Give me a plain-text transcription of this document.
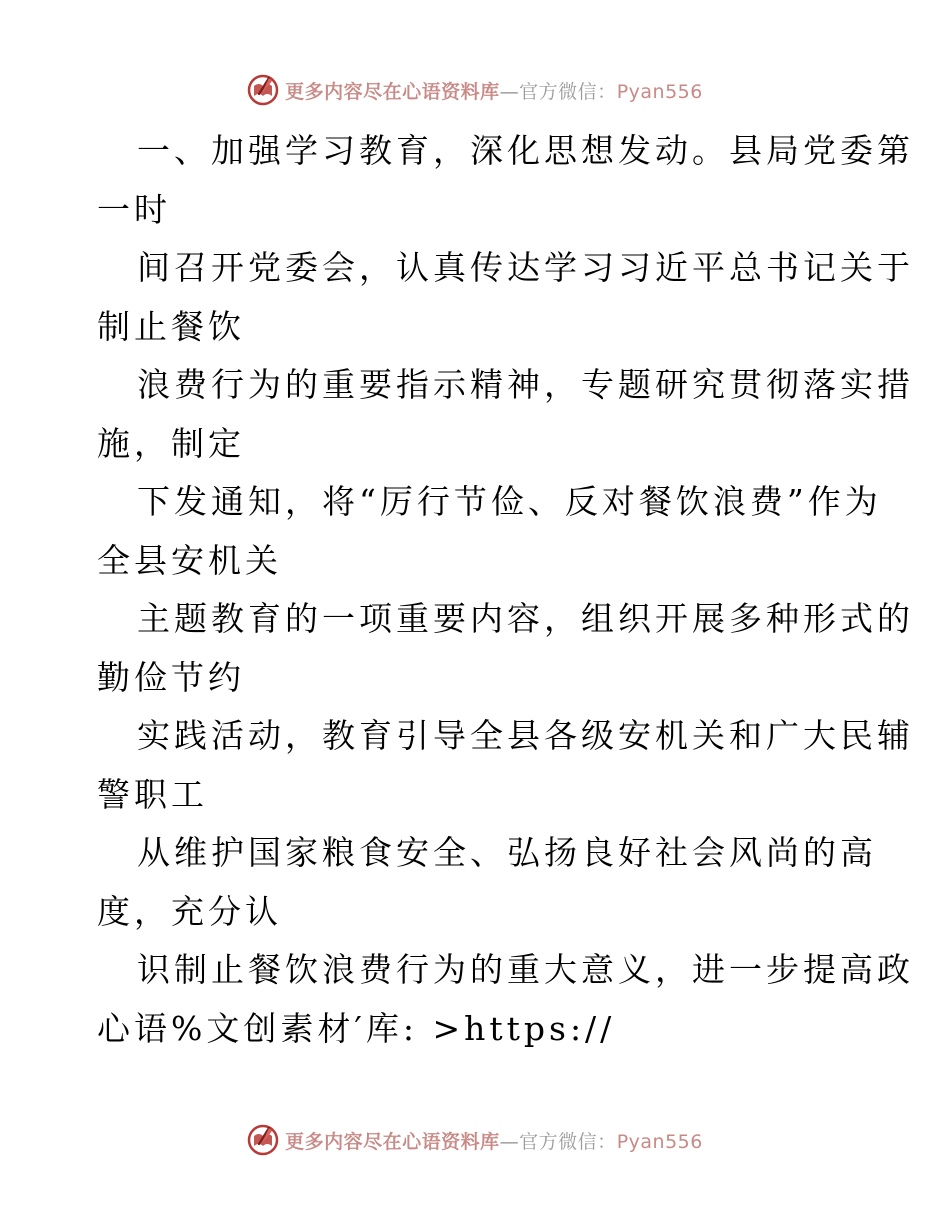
更多内容尽在心语资料库—官方微信：Pyan556
一、加强学习教育，深化思想发动。县局党委第
一时
间召开党委会，认真传达学习习近平总书记关于
制止餐饮
浪费行为的重要指示精神，专题研究贯彻落实措
施，制定
下发通知，将“厉行节俭、反对餐饮浪费”作为
全县安机关
主题教育的一项重要内容，组织开展多种形式的
勤俭节约
实践活动，教育引导全县各级安机关和广大民辅
警职工
从维护国家粮食安全、弘扬良好社会风尚的高
度，充分认
识制止餐饮浪费行为的重大意义，进一步提高政
心语%文创素材′库: >https://
更多内容尽在心语资料库—官方微信：Pyan556
